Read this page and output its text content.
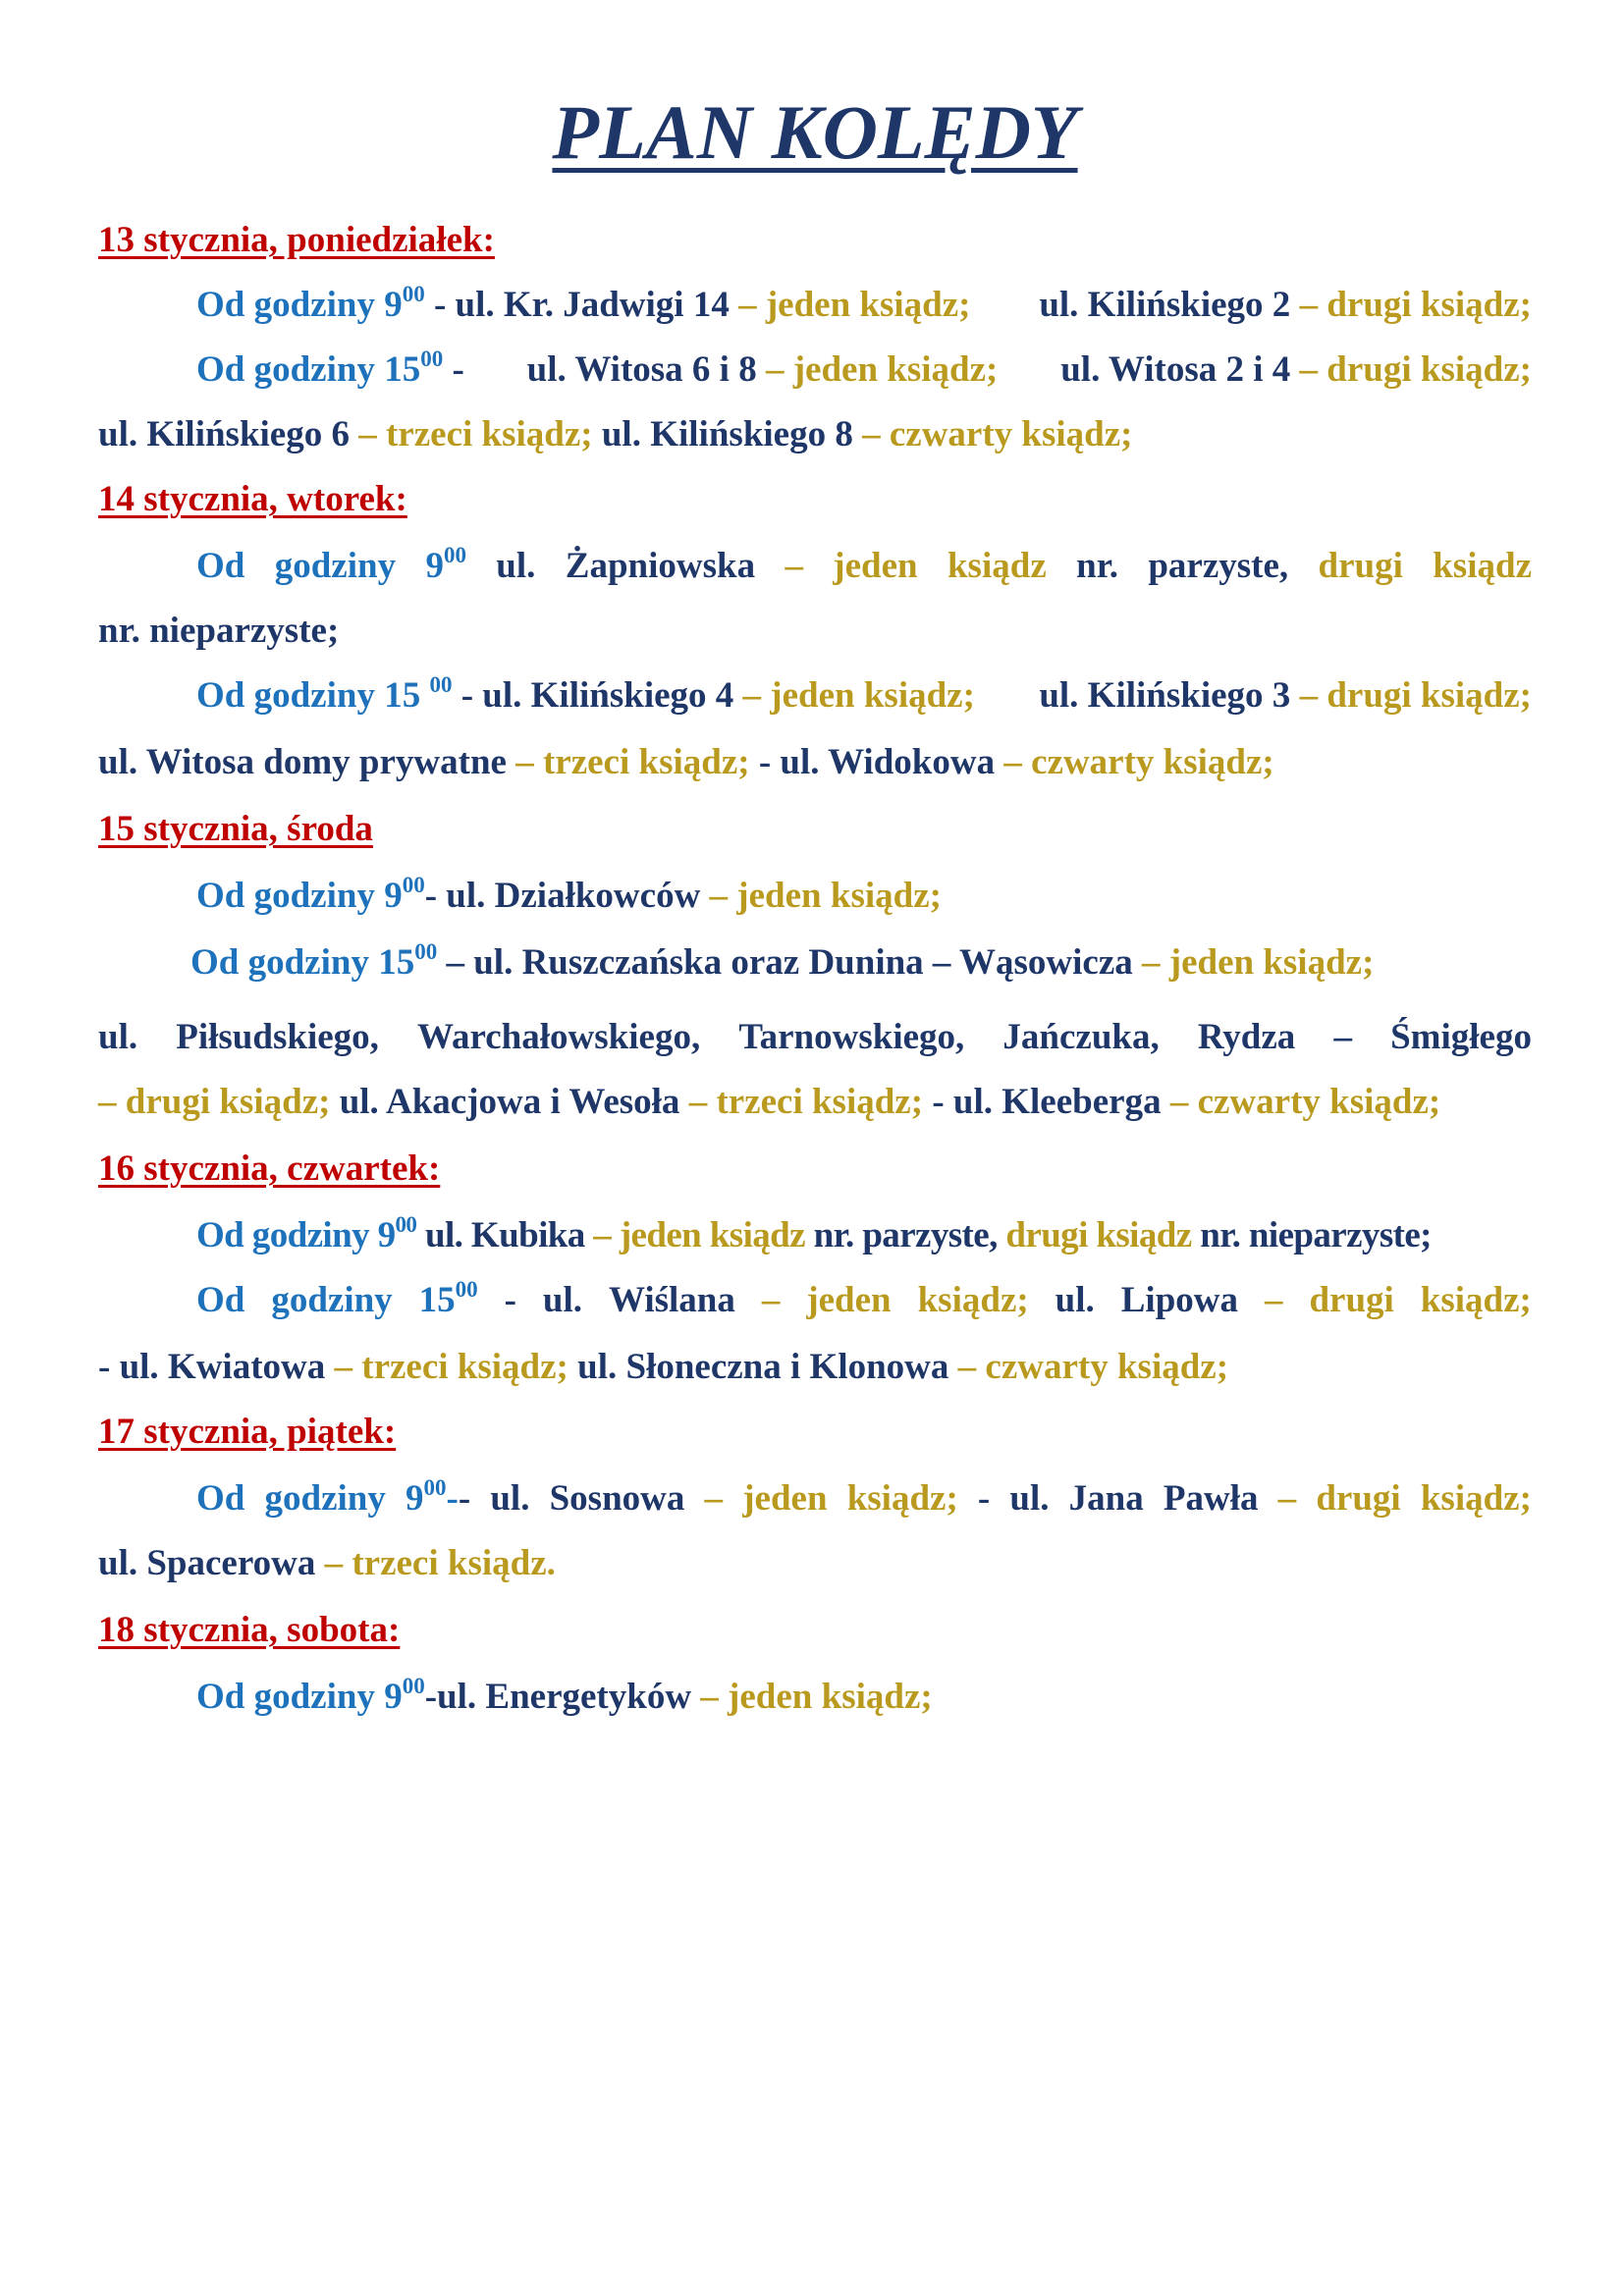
PLAN KOLĘDY
13 stycznia, poniedziałek:
Od godziny $9^{00}$ - ul. Kr. Jadwigi 14 – jeden ksiądz; ul. Kilińskiego 2 – drugi ksiądz;
Od godziny $15^{00}$ - ul. Witosa 6 i 8 – jeden ksiądz; ul. Witosa 2 i 4 – drugi ksiądz;
ul. Kilińskiego 6 – trzeci ksiądz; ul. Kilińskiego 8 – czwarty ksiądz;
14 stycznia, wtorek:
Od godziny $9^{00}$ ul. Żapniowska – jeden ksiądz nr. parzyste, drugi ksiądz
nr. nieparzyste;
Od godziny 15 $^{00}$ - ul. Kilińskiego 4 – jeden ksiądz; ul. Kilińskiego 3 – drugi ksiądz;
ul. Witosa domy prywatne – trzeci ksiądz; - ul. Widokowa – czwarty ksiądz;
15 stycznia, środa
Od godziny $9^{00}-$ ul. Działkowców – jeden ksiądz;
Od godziny $15^{00}$ – ul. Ruszczańska oraz Dunina – Wąsowicza – jeden ksiądz;
ul. Piłsudskiego, Warchałowskiego, Tarnowskiego, Jańczuka, Rydza – Śmigłego
– drugi ksiądz; ul. Akacjowa i Wesoła – trzeci ksiądz; - ul. Kleeberga – czwarty ksiądz;
16 stycznia, czwartek:
Od godziny $9^{00}$ ul. Kubika – jeden ksiądz nr. parzyste, drugi ksiądz nr. nieparzyste;
Od godziny $15^{00}$ - ul. Wiślana – jeden ksiądz; ul. Lipowa – drugi ksiądz;
- ul. Kwiatowa – trzeci ksiądz; ul. Słoneczna i Klonowa – czwarty ksiądz;
17 stycznia, piątek:
Od godziny $9^{00}--$ ul. Sosnowa – jeden ksiądz; - ul. Jana Pawła – drugi ksiądz;
ul. Spacerowa – trzeci ksiądz.
18 stycznia, sobota:
Od godziny $9^{00}-ul$. Energetyków – jeden ksiądz;
